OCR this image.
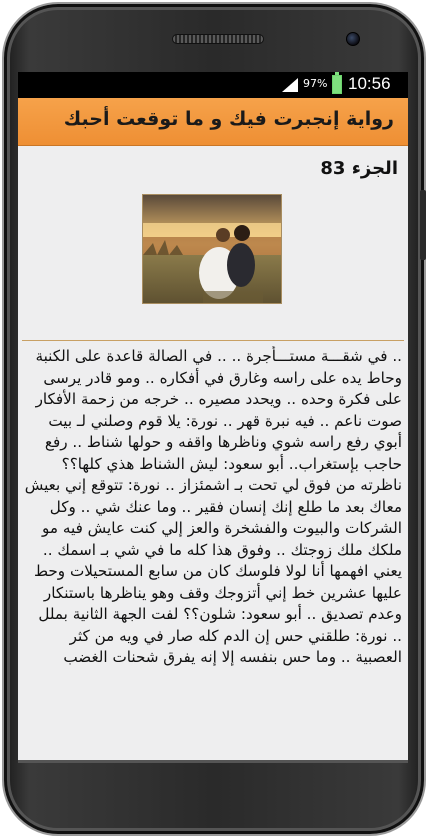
97% 10:56
رواية إنجبرت فيك و ما توقعت أحبك
الجزء 83
.. في شقـــة مستـــأجرة .. .. في الصالة قاعدة على الكنبة وحاط يده على راسه وغارق في أفكاره .. ومو قادر يرسى على فكرة وحده .. ويحدد مصيره .. خرجه من زحمة الأفكار صوت ناعم .. فيه نبرة قهر .. نورة: يلا قوم وصلني لـ بيت أبوي رفع راسه شوي وناظرها واقفه و حولها شناط .. رفع حاجب بإستغراب.. أبو سعود: ليش الشناط هذي كلها؟؟ ناظرته من فوق لي تحت بـ اشمئزاز .. نورة: تتوقع إني بعيش معاك بعد ما طلع إنك إنسان فقير .. وما عنك شي .. وكل الشركات والبيوت والفشخرة والعز إلي كنت عايش فيه مو ملكك ملك زوجتك .. وفوق هذا كله ما في شي بـ اسمك .. يعني افهمها أنا لولا فلوسك كان من سابع المستحيلات وحط عليها عشرين خط إني أتزوجك وقف وهو يناظرها باستنكار وعدم تصديق .. أبو سعود: شلون؟؟ لفت الجهة الثانية بملل .. نورة: طلقني حس إن الدم كله صار في ويه من كثر العصبية .. وما حس بنفسه إلا إنه يفرق شحنات الغضب
